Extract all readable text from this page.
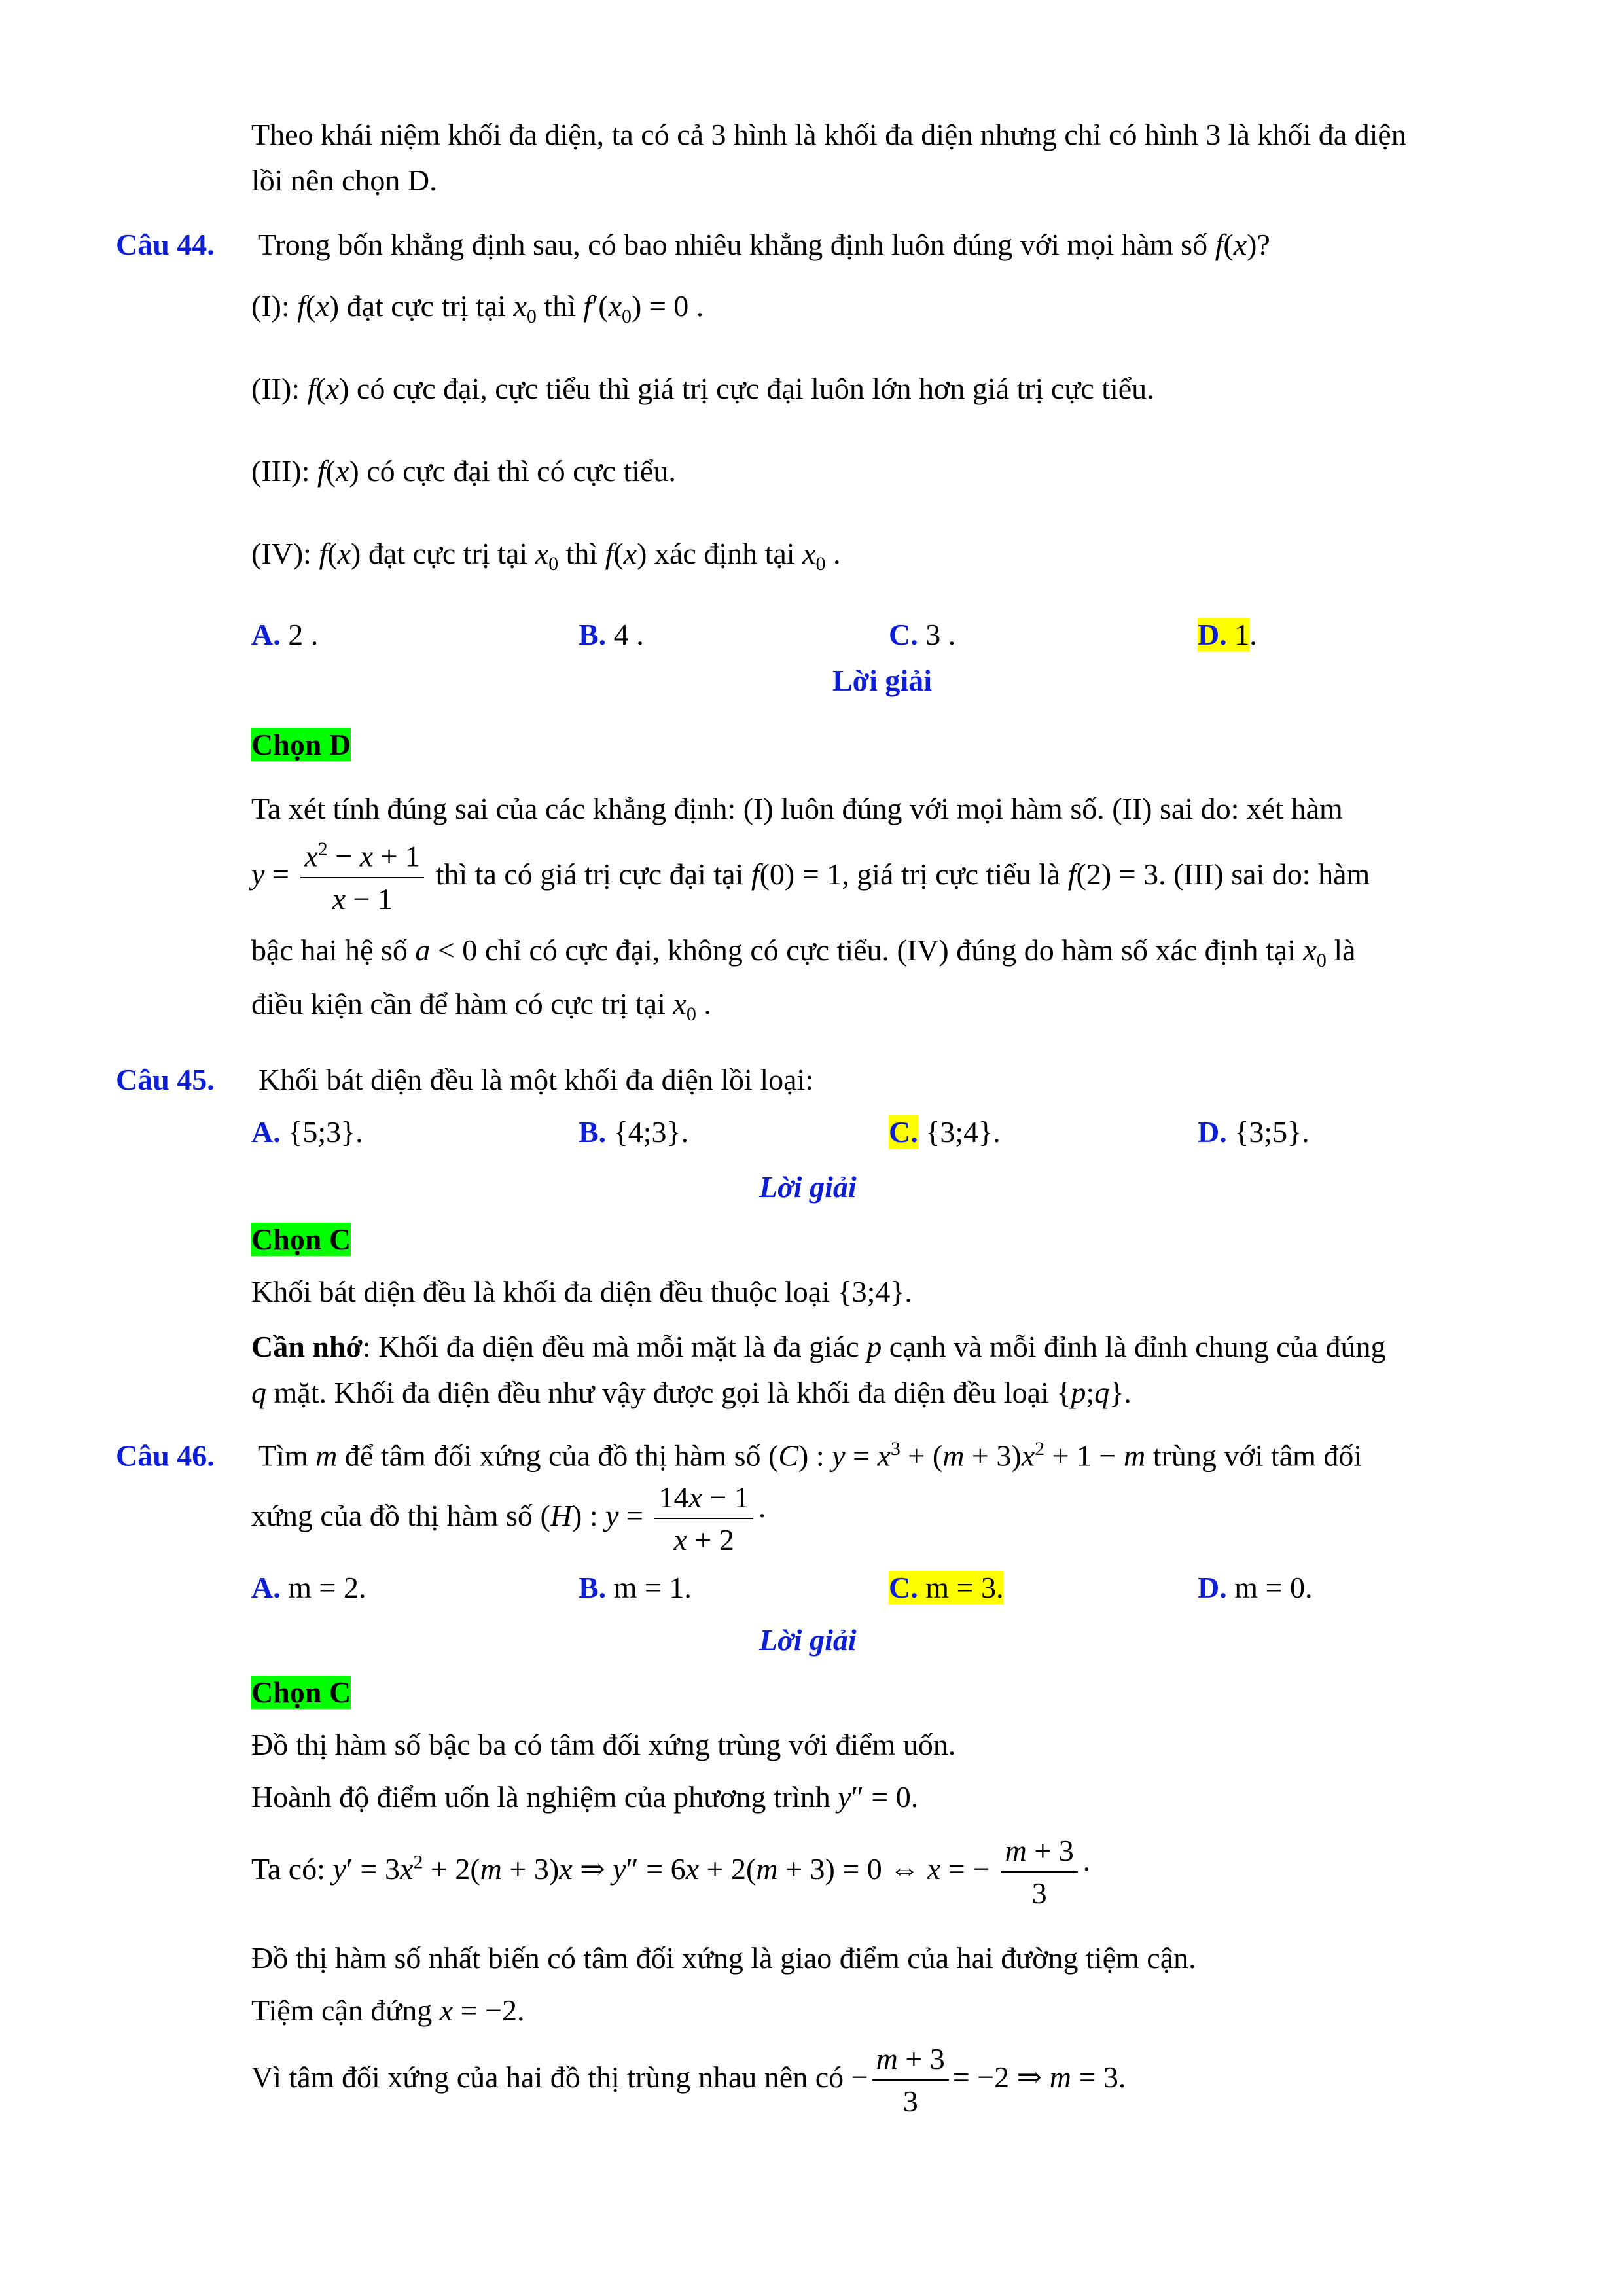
Theo khái niệm khối đa diện, ta có cả 3 hình là khối đa diện nhưng chỉ có hình 3 là khối đa diện
lồi nên chọn D.
Câu 44. Trong bốn khẳng định sau, có bao nhiêu khẳng định luôn đúng với mọi hàm số f(x)?
(I): f(x) đạt cực trị tại $x_0$ thì $f'(x_0) = 0$ .
(II): f(x) có cực đại, cực tiểu thì giá trị cực đại luôn lớn hơn giá trị cực tiểu.
(III): f(x) có cực đại thì có cực tiểu.
(IV): f(x) đạt cực trị tại $x_0$ thì f(x) xác định tại $x_0$ .
A. 2 .	B. 4 .	C. 3 .	D. 1.
Lời giải
Chọn D
Ta xét tính đúng sai của các khẳng định: (I) luôn đúng với mọi hàm số. (II) sai do: xét hàm
$y = \frac{x^2 - x + 1}{x - 1}$ thì ta có giá trị cực đại tại f(0) = 1, giá trị cực tiểu là f(2) = 3. (III) sai do: hàm
bậc hai hệ số a < 0 chỉ có cực đại, không có cực tiểu. (IV) đúng do hàm số xác định tại $x_0$ là
điều kiện cần để hàm có cực trị tại $x_0$ .
Câu 45. Khối bát diện đều là một khối đa diện lồi loại:
A. {5;3}.	B. {4;3}.	C. {3;4}.	D. {3;5}.
Lời giải
Chọn C
Khối bát diện đều là khối đa diện đều thuộc loại {3;4}.
Cần nhớ: Khối đa diện đều mà mỗi mặt là đa giác p cạnh và mỗi đỉnh là đỉnh chung của đúng
q mặt. Khối đa diện đều như vậy được gọi là khối đa diện đều loại {p;q}.
Câu 46. Tìm m để tâm đối xứng của đồ thị hàm số (C) : $y = x^3 + (m + 3)x^2 + 1 - m$ trùng với tâm đối
xứng của đồ thị hàm số (H) : $y = \frac{14x - 1}{x + 2}$ ·
A. m = 2.	B. m = 1.	C. m = 3.	D. m = 0.
Lời giải
Chọn C
Đồ thị hàm số bậc ba có tâm đối xứng trùng với điểm uốn.
Hoành độ điểm uốn là nghiệm của phương trình y″ = 0.
Ta có: $y' = 3x^2 + 2(m + 3)x$ ⇒ y″ = 6x + 2(m + 3) = 0 ⇔ x = − $\frac{m + 3}{3}$ ·
Đồ thị hàm số nhất biến có tâm đối xứng là giao điểm của hai đường tiệm cận.
Tiệm cận đứng x = −2.
Vì tâm đối xứng của hai đồ thị trùng nhau nên có − $\frac{m + 3}{3} = -2$ ⇒ m = 3.
